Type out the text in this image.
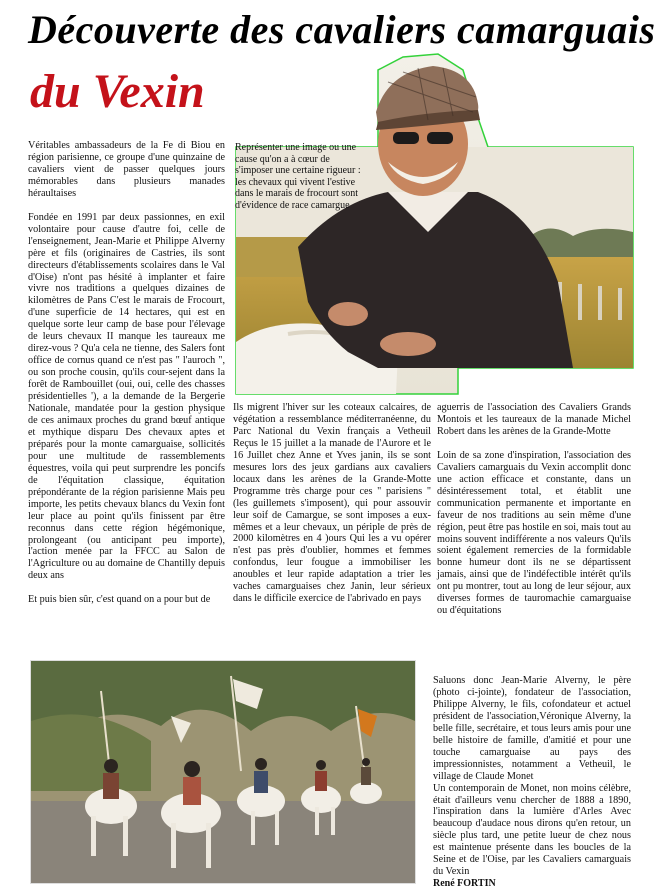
Découverte des cavaliers camarguais
du Vexin

Véritables ambassadeurs de la Fe di Biou en région parisienne, ce groupe d'une quinzaine de cavaliers vient de passer quelques jours mémorables dans plusieurs manades héraultaises

Fondée en 1991 par deux passionnes, en exil volontaire pour cause d'autre foi, celle de l'enseignement, Jean-Marie et Philippe Alverny père et fils (originaires de Castries, ils sont directeurs d'établissements scolaires dans le Val d'Oise) n'ont pas hésité à implanter et faire vivre nos traditions a quelques dizaines de kilomètres de Pans C'est le marais de Frocourt, d'une superficie de 14 hectares, qui est en quelque sorte leur camp de base pour l'élevage de leurs chevaux II manque les taureaux me direz-vous ? Qu'a cela ne tienne, des Salers font office de cornus quand ce n'est pas " l'auroch ", ou son proche cousin, qu'ils cour-sejent dans la forêt de Rambouillet (oui, oui, celle des chasses présidentielles '), a la demande de la Bergerie Nationale, mandatée pour la gestion physique de ces animaux proches du grand bœuf antique et mythique disparu Des chevaux aptes et préparés pour la monte camarguaise, sollicités pour une multitude de rassemblements équestres, voila qui peut surprendre les poncifs de l'équitation classique, équitation prépondérante de la région parisienne Mais peu importe, les petits chevaux blancs du Vexin font leur place au point qu'ils finissent par être reconnus dans cette région hégémonique, prolongeant (ou anticipant peu importe), l'action menée par la FFCC au Salon de l'Agriculture ou au domaine de Chantilly depuis deux ans

Et puis bien sûr, c'est quand on a pour but de

Représenter une image ou une cause qu'on a à cœur de s'imposer une certaine rigueur : les chevaux qui vivent l'estive dans le marais de frocourt sont d'évidence de race camargue

Ils migrent l'hiver sur les coteaux calcaires, de végétation a ressemblance méditerranéenne, du Parc National du Vexin français a Vetheuil Reçus le 15 juillet a la manade de l'Aurore et le 16 Juillet chez Anne et Yves janin, ils se sont mesures lors des jeux gardians aux cavaliers locaux dans les arènes de la Grande-Motte Programme très charge pour ces " parisiens " (les guillemets s'imposent), qui pour assouvir leur soif de Camargue, se sont imposes a eux-mêmes et a leur chevaux, un périple de près de 2000 kilomètres en 4 )ours Qui les a vu opérer n'est pas près d'oublier, hommes et femmes confondus, leur fougue a immobiliser les anoubles et leur rapide adaptation a trier les vaches camarguaises chez Janin, leur sérieux dans le difficile exercice de l'abrivado en pays

aguerris de l'association des Cavaliers Grands Montois et les taureaux de la manade Michel Robert dans les arènes de la Grande-Motte

Loin de sa zone d'inspiration, l'association des Cavaliers camarguais du Vexin accomplit donc une action efficace et constante, dans un désintéressement total, et établit une communication permanente et importante en faveur de nos traditions au sein même d'une région, peut être pas hostile en soi, mais tout au moins souvent indifférente a nos valeurs Qu'ils soient également remercies de la formidable bonne humeur dont ils ne se départissent jamais, ainsi que de l'indéfectible intérêt qu'ils ont pu montrer, tout au long de leur séjour, aux diverses formes de tauromachie camarguaise ou d'équitations

Saluons donc Jean-Marie Alverny, le père (photo ci-jointe), fondateur de l'association, Philippe Alverny, le fils, cofondateur et actuel président de l'association,Véronique Alverny, la belle fille, secrétaire, et tous leurs amis pour une belle histoire de famille, d'amitié et pour une touche camarguaise au pays des impressionnistes, notamment a Vetheuil, le village de Claude Monet

Un contemporain de Monet, non moins célèbre, était d'ailleurs venu chercher de 1888 a 1890, l'inspiration dans la lumière d'Arles Avec beaucoup d'audace nous dirons qu'en retour, un siècle plus tard, une petite lueur de chez nous est maintenue présente dans les boucles de la Seine et de l'Oise, par les Cavaliers camarguais du Vexin

René FORTIN
